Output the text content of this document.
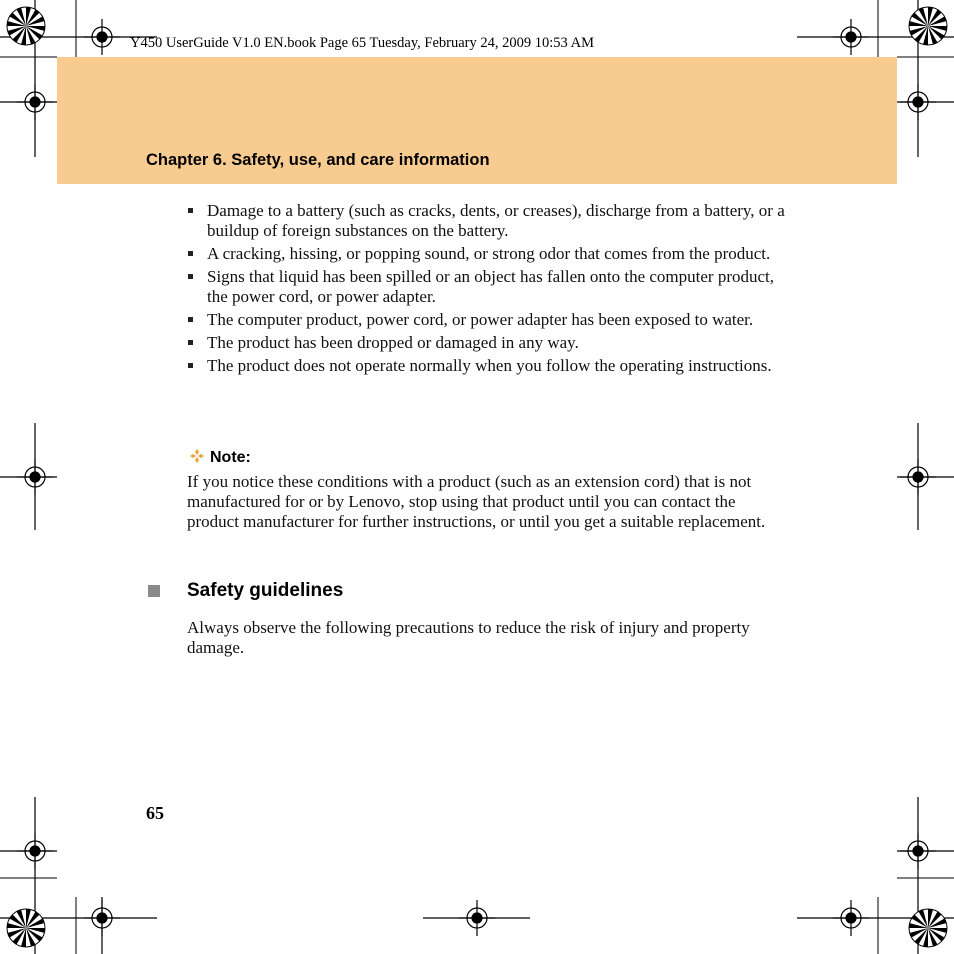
Y450 UserGuide V1.0 EN.book Page 65 Tuesday, February 24, 2009 10:53 AM
Chapter 6. Safety, use, and care information
Damage to a battery (such as cracks, dents, or creases), discharge from a battery, or a buildup of foreign substances on the battery.
A cracking, hissing, or popping sound, or strong odor that comes from the product.
Signs that liquid has been spilled or an object has fallen onto the computer product, the power cord, or power adapter.
The computer product, power cord, or power adapter has been exposed to water.
The product has been dropped or damaged in any way.
The product does not operate normally when you follow the operating instructions.
Note:

If you notice these conditions with a product (such as an extension cord) that is not manufactured for or by Lenovo, stop using that product until you can contact the product manufacturer for further instructions, or until you get a suitable replacement.

Safety guidelines

Always observe the following precautions to reduce the risk of injury and property damage.

65
